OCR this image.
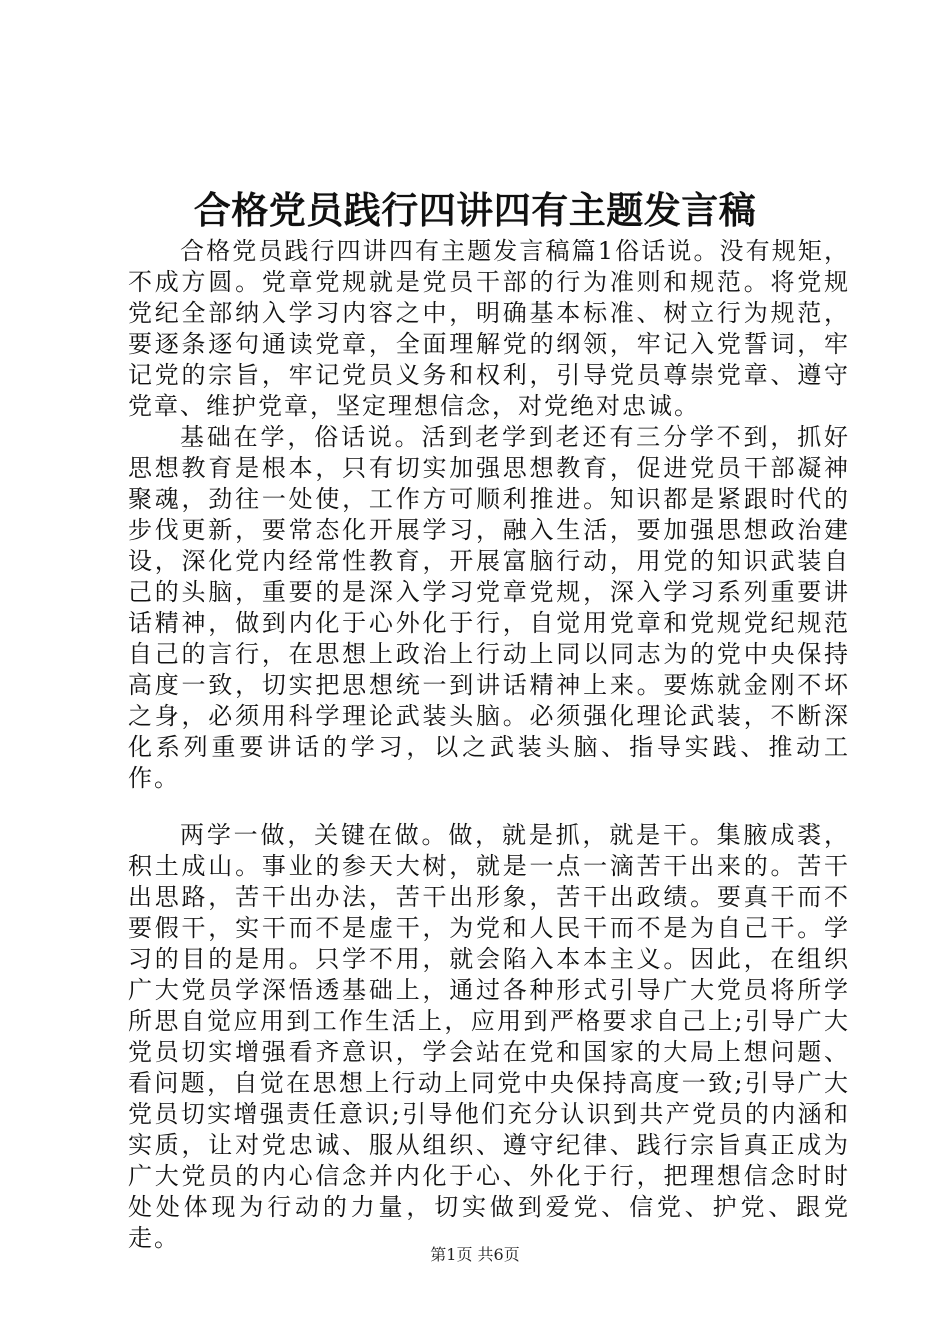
合格党员践行四讲四有主题发言稿

合格党员践行四讲四有主题发言稿篇1俗话说。没有规矩，不成方圆。党章党规就是党员干部的行为准则和规范。将党规党纪全部纳入学习内容之中，明确基本标准、树立行为规范，要逐条逐句通读党章，全面理解党的纲领，牢记入党誓词，牢记党的宗旨，牢记党员义务和权利，引导党员尊崇党章、遵守党章、维护党章，坚定理想信念，对党绝对忠诚。

基础在学，俗话说。活到老学到老还有三分学不到，抓好思想教育是根本，只有切实加强思想教育，促进党员干部凝神聚魂，劲往一处使，工作方可顺利推进。知识都是紧跟时代的步伐更新，要常态化开展学习，融入生活，要加强思想政治建设，深化党内经常性教育，开展富脑行动，用党的知识武装自己的头脑，重要的是深入学习党章党规，深入学习系列重要讲话精神，做到内化于心外化于行，自觉用党章和党规党纪规范自己的言行，在思想上政治上行动上同以同志为的党中央保持高度一致，切实把思想统一到讲话精神上来。要炼就金刚不坏之身，必须用科学理论武装头脑。必须强化理论武装，不断深化系列重要讲话的学习，以之武装头脑、指导实践、推动工作。

两学一做，关键在做。做，就是抓，就是干。集腋成裘，积土成山。事业的参天大树，就是一点一滴苦干出来的。苦干出思路，苦干出办法，苦干出形象，苦干出政绩。要真干而不要假干，实干而不是虚干，为党和人民干而不是为自己干。学习的目的是用。只学不用，就会陷入本本主义。因此，在组织广大党员学深悟透基础上，通过各种形式引导广大党员将所学所思自觉应用到工作生活上，应用到严格要求自己上;引导广大党员切实增强看齐意识，学会站在党和国家的大局上想问题、看问题，自觉在思想上行动上同党中央保持高度一致;引导广大党员切实增强责任意识;引导他们充分认识到共产党员的内涵和实质，让对党忠诚、服从组织、遵守纪律、践行宗旨真正成为广大党员的内心信念并内化于心、外化于行，把理想信念时时处处体现为行动的力量，切实做到爱党、信党、护党、跟党走。

第1页 共6页
